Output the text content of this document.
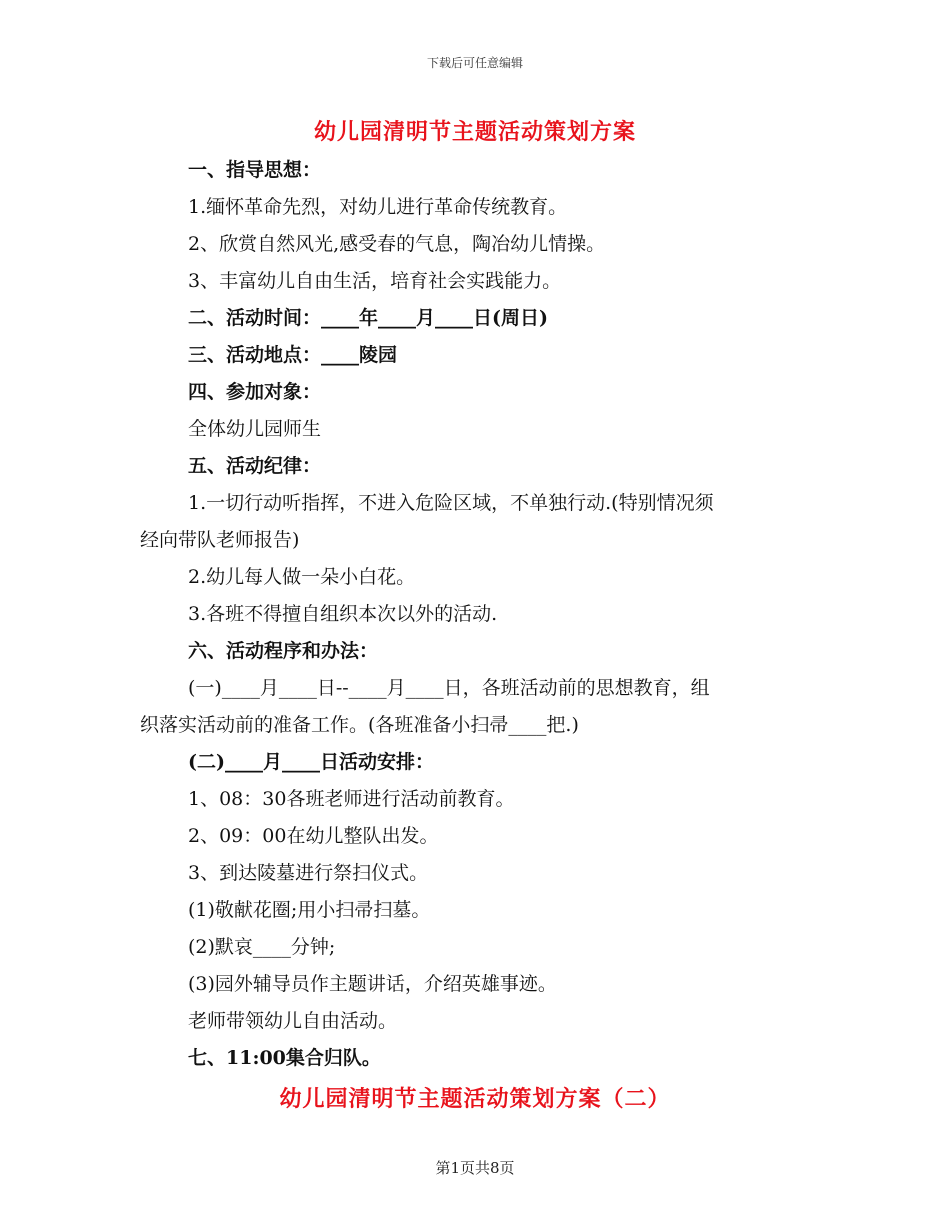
下载后可任意编辑
幼儿园清明节主题活动策划方案
一、指导思想：
1.缅怀革命先烈，对幼儿进行革命传统教育。
2、欣赏自然风光,感受春的气息，陶冶幼儿情操。
3、丰富幼儿自由生活，培育社会实践能力。
二、活动时间：____年____月____日(周日)
三、活动地点：____陵园
四、参加对象：
全体幼儿园师生
五、活动纪律：
1.一切行动听指挥，不进入危险区域，不单独行动.(特别情况须
经向带队老师报告)
2.幼儿每人做一朵小白花。
3.各班不得擅自组织本次以外的活动.
六、活动程序和办法：
(一)____月____日--____月____日，各班活动前的思想教育，组
织落实活动前的准备工作。(各班准备小扫帚____把.)
(二)____月____日活动安排：
1、08：30各班老师进行活动前教育。
2、09：00在幼儿整队出发。
3、到达陵墓进行祭扫仪式。
(1)敬献花圈;用小扫帚扫墓。
(2)默哀____分钟;
(3)园外辅导员作主题讲话，介绍英雄事迹。
老师带领幼儿自由活动。
七、11:00集合归队。
幼儿园清明节主题活动策划方案（二）
第1页共8页
